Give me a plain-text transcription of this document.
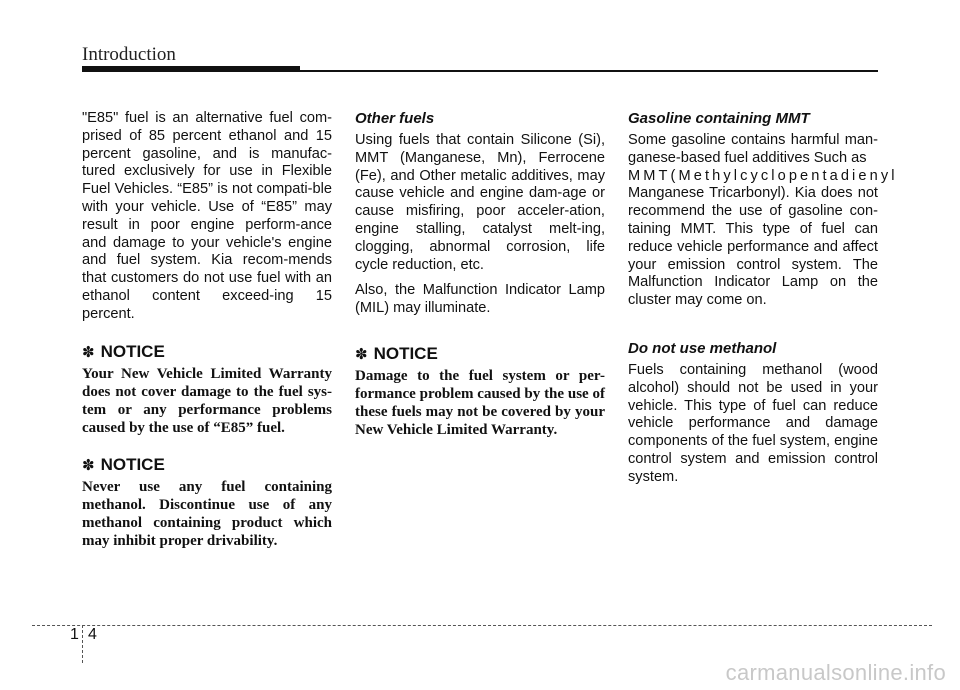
Introduction

"E85" fuel is an alternative fuel com-prised of 85 percent ethanol and 15 percent gasoline, and is manufac-tured exclusively for use in Flexible Fuel Vehicles. “E85” is not compati-ble with your vehicle. Use of “E85” may result in poor engine perform-ance and damage to your vehicle's engine and fuel system. Kia recom-mends that customers do not use fuel with an ethanol content exceed-ing 15 percent.

✽ NOTICE

Your New Vehicle Limited Warranty does not cover damage to the fuel sys-tem or any performance problems caused by the use of “E85” fuel.

✽ NOTICE

Never use any fuel containing methanol. Discontinue use of any methanol containing product which may inhibit proper drivability.

Other fuels

Using fuels that contain Silicone (Si), MMT (Manganese, Mn), Ferrocene (Fe), and Other metalic additives, may cause vehicle and engine dam-age or cause misfiring, poor acceler-ation, engine stalling, catalyst melt-ing, clogging, abnormal corrosion, life cycle reduction, etc.

Also, the Malfunction Indicator Lamp (MIL) may illuminate.

✽ NOTICE

Damage to the fuel system or per-formance problem caused by the use of these fuels may not be covered by your New Vehicle Limited Warranty.

Gasoline containing MMT

Some gasoline contains harmful man-ganese-based fuel additives Such as

MMT(Methylcyclopentadienyl

Manganese Tricarbonyl). Kia does not recommend the use of gasoline con-taining MMT. This type of fuel can reduce vehicle performance and affect your emission control system. The Malfunction Indicator Lamp on the cluster may come on.

Do not use methanol

Fuels containing methanol (wood alcohol) should not be used in your vehicle. This type of fuel can reduce vehicle performance and damage components of the fuel system, engine control system and emission control system.

1 4
carmanualsonline.info
